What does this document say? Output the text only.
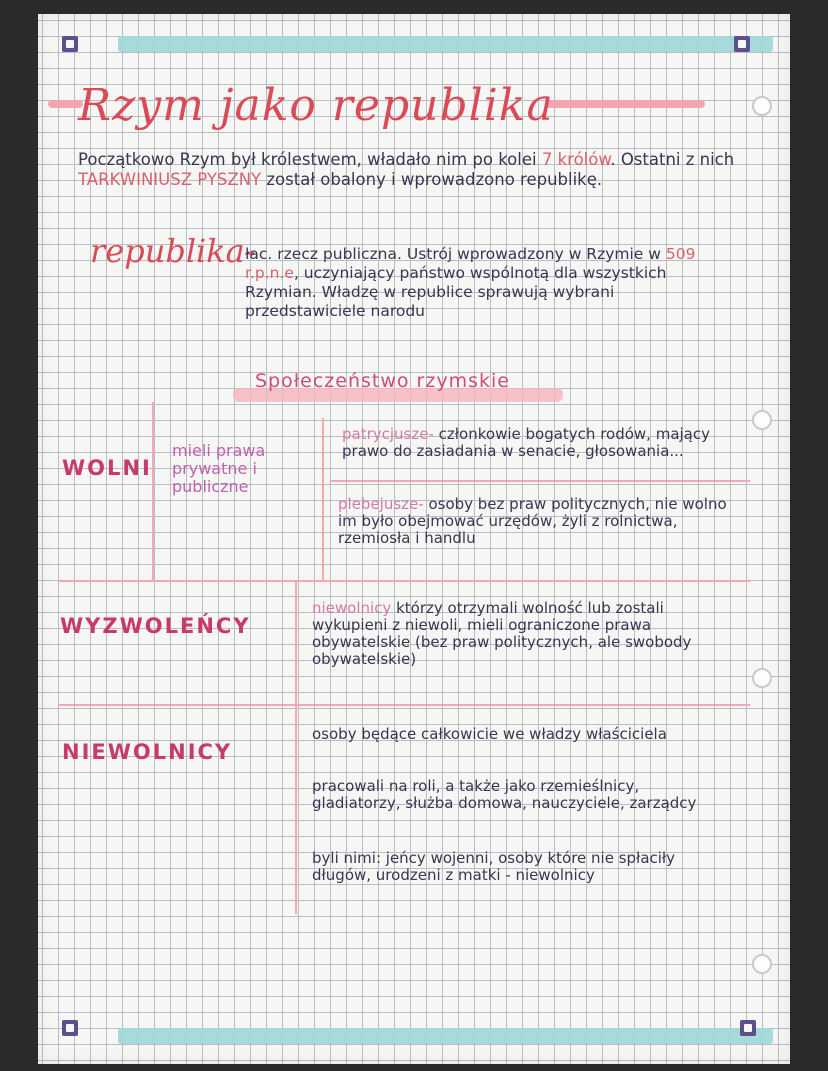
Rzym jako republika
Początkowo Rzym był królestwem, władało nim po kolei 7 królów. Ostatni z nich TARKWINIUSZ PYSZNY został obalony i wprowadzono republikę.
republika-
łac. rzecz publiczna. Ustrój wprowadzony w Rzymie w 509 r.p.n.e, uczyniający państwo wspólnotą dla wszystkich Rzymian. Władzę w republice sprawują wybrani przedstawiciele narodu
Społeczeństwo rzymskie
WOLNI
mieli prawa prywatne i publiczne
patrycjusze- członkowie bogatych rodów, mający prawo do zasiadania w senacie, głosowania...
plebejusze- osoby bez praw politycznych, nie wolno im było obejmować urzędów, żyli z rolnictwa, rzemiosła i handlu
WYZWOLEŃCY
niewolnicy którzy otrzymali wolność lub zostali wykupieni z niewoli, mieli ograniczone prawa obywatelskie (bez praw politycznych, ale swobody obywatelskie)
NIEWOLNICY
osoby będące całkowicie we władzy właściciela
pracowali na roli, a także jako rzemieślnicy, gladiatorzy, służba domowa, nauczyciele, zarządcy
byli nimi: jeńcy wojenni, osoby które nie spłaciły długów, urodzeni z matki - niewolnicy
